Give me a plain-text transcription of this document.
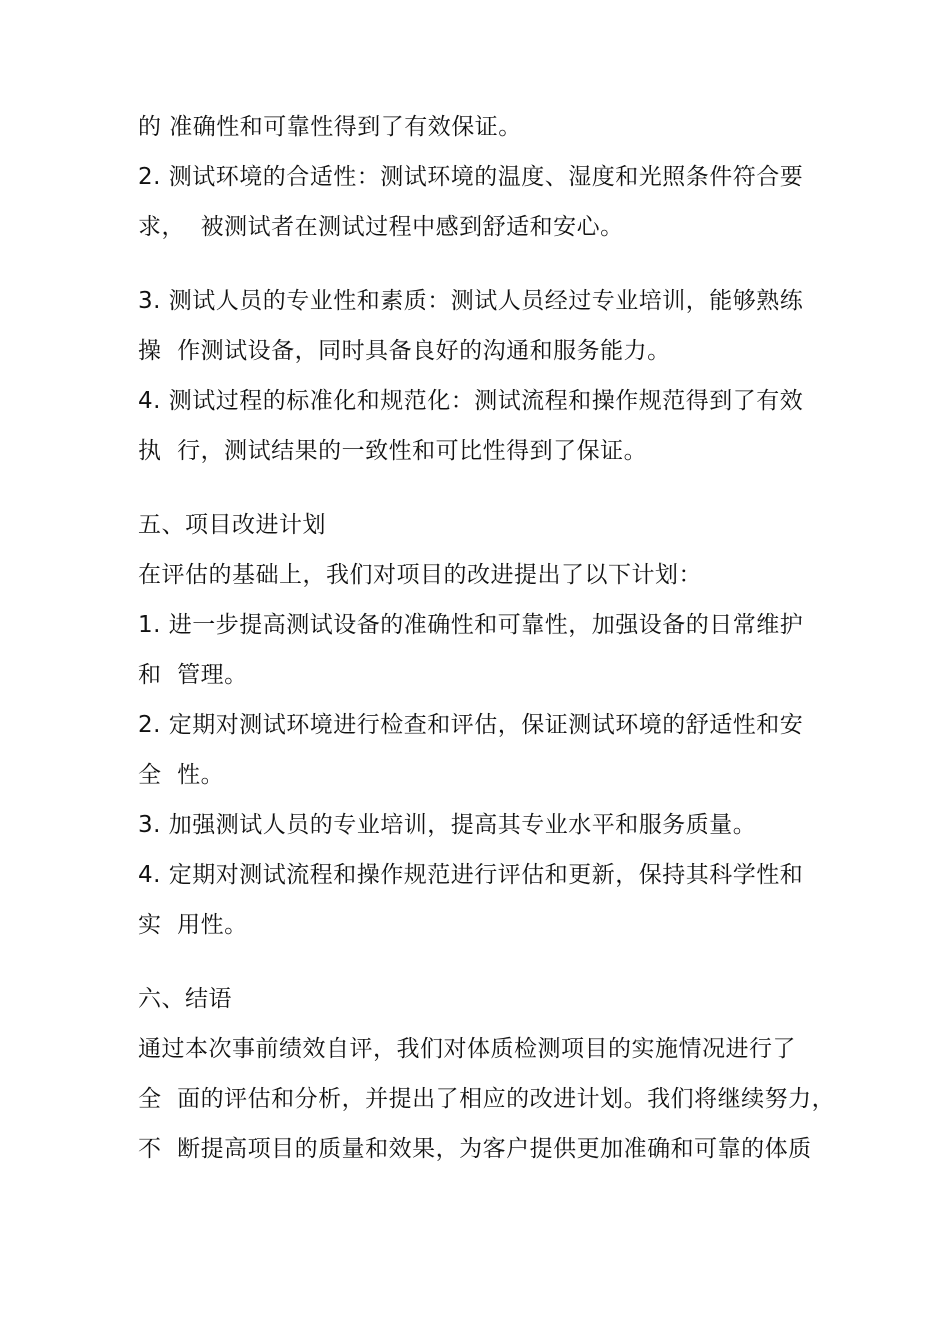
的 准确性和可靠性得到了有效保证。
2. 测试环境的合适性：测试环境的温度、湿度和光照条件符合要
求，  被测试者在测试过程中感到舒适和安心。
3. 测试人员的专业性和素质：测试人员经过专业培训，能够熟练
操  作测试设备，同时具备良好的沟通和服务能力。
4. 测试过程的标准化和规范化：测试流程和操作规范得到了有效
执  行，测试结果的一致性和可比性得到了保证。
五、项目改进计划
在评估的基础上，我们对项目的改进提出了以下计划：
1. 进一步提高测试设备的准确性和可靠性，加强设备的日常维护
和  管理。
2. 定期对测试环境进行检查和评估，保证测试环境的舒适性和安
全  性。
3. 加强测试人员的专业培训，提高其专业水平和服务质量。
4. 定期对测试流程和操作规范进行评估和更新，保持其科学性和
实  用性。
六、结语
通过本次事前绩效自评，我们对体质检测项目的实施情况进行了
全  面的评估和分析，并提出了相应的改进计划。我们将继续努力，
不  断提高项目的质量和效果，为客户提供更加准确和可靠的体质
